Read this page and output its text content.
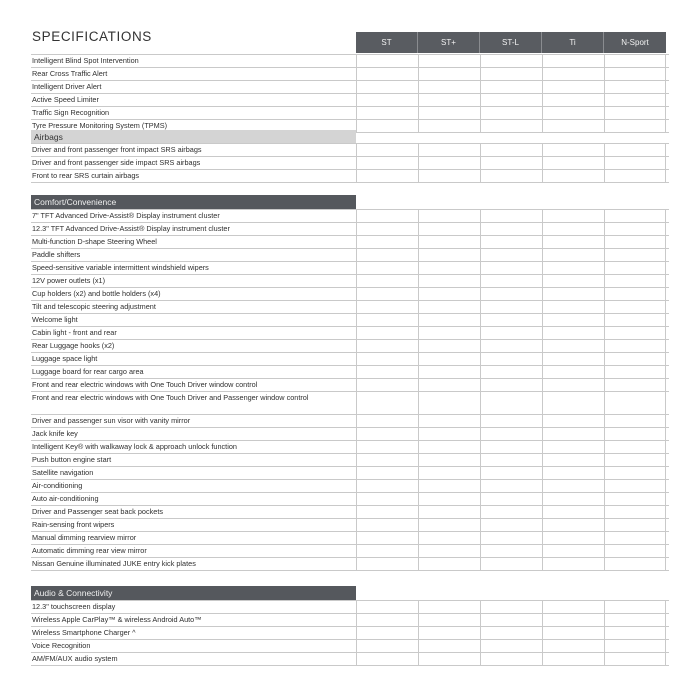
SPECIFICATIONS	ST	ST+	ST-L	Ti	N-Sport
Intelligent Blind Spot Intervention
Rear Cross Traffic Alert
Intelligent Driver Alert
Active Speed Limiter
Traffic Sign Recognition
Tyre Pressure Monitoring System (TPMS)
Airbags
Driver and front passenger front impact SRS airbags
Driver and front passenger side impact SRS airbags
Front to rear SRS curtain airbags
Comfort/Convenience
7" TFT Advanced Drive-Assist® Display instrument cluster
12.3" TFT Advanced Drive-Assist® Display instrument cluster
Multi-function D-shape Steering Wheel
Paddle shifters
Speed-sensitive variable intermittent windshield wipers
12V power outlets (x1)
Cup holders (x2) and bottle holders (x4)
Tilt and telescopic steering adjustment
Welcome light
Cabin light - front and rear
Rear Luggage hooks (x2)
Luggage space light
Luggage board for rear cargo area
Front and rear electric windows with One Touch Driver window control
Front and rear electric windows with One Touch Driver and Passenger window control
Driver and passenger sun visor with vanity mirror
Jack knife key
Intelligent Key® with walkaway lock & approach unlock function
Push button engine start
Satellite navigation
Air-conditioning
Auto air-conditioning
Driver and Passenger seat back pockets
Rain-sensing front wipers
Manual dimming rearview mirror
Automatic dimming rear view mirror
Nissan Genuine illuminated JUKE entry kick plates
Audio & Connectivity
12.3" touchscreen display
Wireless Apple CarPlay™ & wireless Android Auto™
Wireless Smartphone Charger ^
Voice Recognition
AM/FM/AUX audio system
